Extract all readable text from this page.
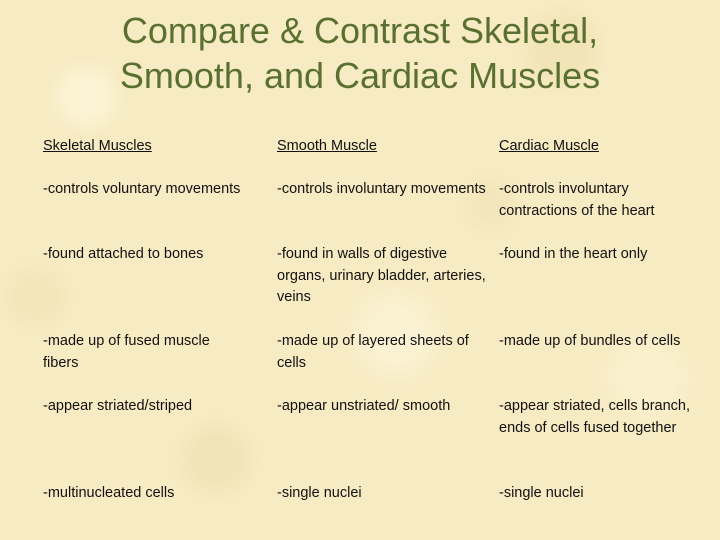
Compare & Contrast Skeletal,
Smooth, and Cardiac Muscles
Skeletal Muscles
-controls voluntary movements
-found attached to bones
-made up of fused muscle fibers
-appear striated/striped
-multinucleated cells
Smooth Muscle
-controls involuntary movements
-found in walls of digestive organs, urinary bladder, arteries, veins
-made up of layered sheets of cells
-appear unstriated/ smooth
-single nuclei
Cardiac Muscle
-controls involuntary contractions of the heart
-found in the heart only
-made up of bundles of cells
-appear striated, cells branch, ends of cells fused together
-single nuclei
